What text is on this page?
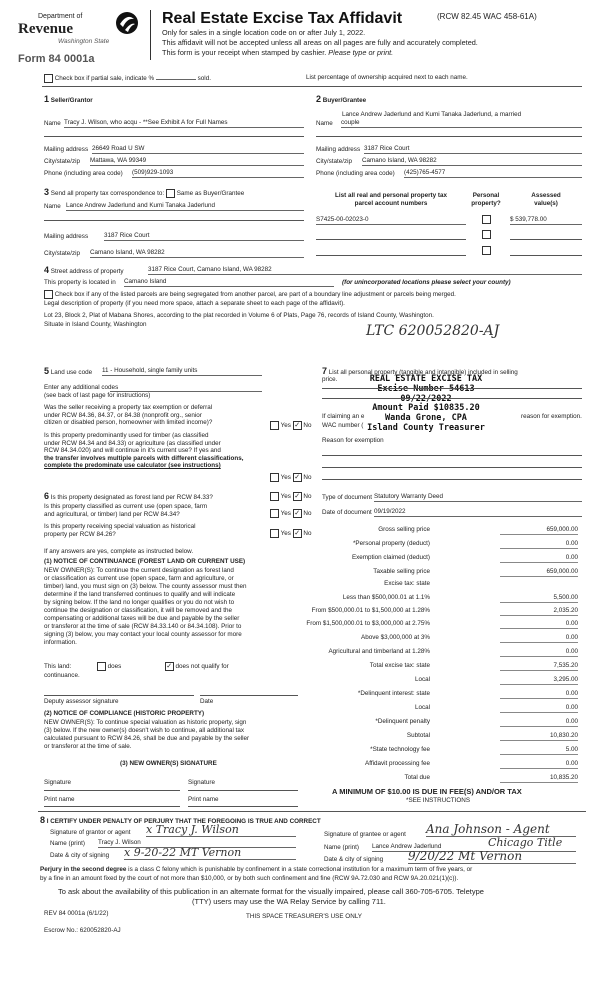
Department of
Revenue
Washington State
Form 84 0001a
Real Estate Excise Tax Affidavit	(RCW 82.45 WAC 458-61A)
Only for sales in a single location code on or after July 1, 2022.
This affidavit will not be accepted unless all areas on all pages are fully and accurately completed.
This form is your receipt when stamped by cashier. Please type or print.
Check box if partial sale, indicate %	sold.	List percentage of ownership acquired next to each name.
1 Seller/Grantor
Name Tracy J. Wilson, who acqu - **See Exhibit A for Full Names
Mailing address 26649 Road U SW
City/state/zip Mattawa, WA 99349
Phone (including area code) (509)929-1093
2 Buyer/Grantee
Lance Andrew Jaderlund and Kumi Tanaka Jaderlund, a married
Name couple
Mailing address 3187 Rice Court
City/state/zip Camano Island, WA 98282
Phone (including area code) (425)765-4577
3 Send all property tax correspondence to: Same as Buyer/Grantee
Name Lance Andrew Jaderlund and Kumi Tanaka Jaderlund
Mailing address	3187 Rice Court
City/state/zip Camano Island, WA 98282
List all real and personal property tax
parcel account numbers
Personal
property?
Assessed
value(s)
S7425-00-02023-0	$ 539,778.00
4 Street address of property	3187 Rice Court, Camano Island, WA 98282
This property is located in Camano Island	(for unincorporated locations please select your county)
Check box if any of the listed parcels are being segregated from another parcel, are part of a boundary line adjustment or parcels being merged.
Legal description of property (if you need more space, attach a separate sheet to each page of the affidavit).
Lot 23, Block 2, Plat of Mabana Shores, according to the plat recorded in Volume 6 of Plats, Page 76, records of Island County, Washington.
Situate in Island County, Washington	LTC 620052820-AJ
5 Land use code 11 - Household, single family units
Enter any additional codes
(see back of last page for instructions)
Was the seller receiving a property tax exemption or deferral
under RCW 84.36, 84.37, or 84.38 (nonprofit org., senior
citizen or disabled person, homeowner with limited income)?	Yes ✓ No
Is this property predominantly used for timber (as classified
under RCW 84.34 and 84.33) or agriculture (as classified under
RCW 84.34.020) and will continue in it's current use? If yes and
the transfer involves multiple parcels with different classifications,
complete the predominate use calculator (see instructions)
Yes ✓ No
6 Is this property designated as forest land per RCW 84.33?	Yes ✓ No
Is this property classified as current use (open space, farm
and agricultural, or timber) land per RCW 84.34?	Yes ✓ No
Is this property receiving special valuation as historical
property per RCW 84.26?	Yes ✓ No
If any answers are yes, complete as instructed below.
(1) NOTICE OF CONTINUANCE (FOREST LAND OR CURRENT USE)
NEW OWNER(S): To continue the current designation as forest land
or classification as current use (open space, farm and agriculture, or
timber) land, you must sign on (3) below. The county assessor must then
determine if the land transferred continues to qualify and will indicate
by signing below. If the land no longer qualifies or you do not wish to
continue the designation or classification, it will be removed and the
compensating or additional taxes will be due and payable by the seller
or transferor at the time of sale (RCW 84.33.140 or 84.34.108). Prior to
signing (3) below, you may contact your local county assessor for more
information.
This land:	does	✓ does not qualify for
continuance.
Deputy assessor signature	Date
(2) NOTICE OF COMPLIANCE (HISTORIC PROPERTY)
NEW OWNER(S): To continue special valuation as historic property, sign
(3) below. If the new owner(s) doesn't wish to continue, all additional tax
calculated pursuant to RCW 84.26, shall be due and payable by the seller
or transferor at the time of sale.
(3) NEW OWNER(S) SIGNATURE
Signature	Signature
Print name	Print name
7 List all personal property (tangible and intangible) included in selling
price.	REAL ESTATE EXCISE TAX
Excise Number 54613
09/22/2022
Amount Paid $10835.20
Wanda Grone, CPA
Island County Treasurer
If claiming an e
WAC number (
reason for exemption.
Reason for exemption
Type of document Statutory Warranty Deed
Date of document 09/19/2022
Gross selling price	659,000.00
*Personal property (deduct)	0.00
Exemption claimed (deduct)	0.00
Taxable selling price	659,000.00
Excise tax: state
Less than $500,000.01 at 1.1%	5,500.00
From $500,000.01 to $1,500,000 at 1.28%	2,035.20
From $1,500,000.01 to $3,000,000 at 2.75%	0.00
Above $3,000,000 at 3%	0.00
Agricultural and timberland at 1.28%	0.00
Total excise tax: state	7,535.20
Local	3,295.00
*Delinquent interest: state	0.00
Local	0.00
*Delinquent penalty	0.00
Subtotal	10,830.20
*State technology fee	5.00
Affidavit processing fee	0.00
Total due	10,835.20
A MINIMUM OF $10.00 IS DUE IN FEE(S) AND/OR TAX
*SEE INSTRUCTIONS
8 I CERTIFY UNDER PENALTY OF PERJURY THAT THE FOREGOING IS TRUE AND CORRECT
Signature of grantor or agent x Tracy J. Wilson
Name (print) Tracy J. Wilson
Date & city of signing x 9-20-22 MT Vernon
Signature of grantee or agent Ana Johnson - Agent
Name (print) Lance Andrew Jaderlund	Chicago Title
Date & city of signing 9/20/22 Mt Vernon
Perjury in the second degree is a class C felony which is punishable by confinement in a state correctional institution for a maximum term of five years, or
by a fine in an amount fixed by the court of not more than $10,000, or by both such confinement and fine (RCW 9A.72.030 and RCW 9A.20.021(1)(c)).
To ask about the availability of this publication in an alternate format for the visually impaired, please call 360-705-6705. Teletype
(TTY) users may use the WA Relay Service by calling 711.
REV 84 0001a (6/1/22)	THIS SPACE TREASURER'S USE ONLY
Escrow No.: 620052820-AJ
